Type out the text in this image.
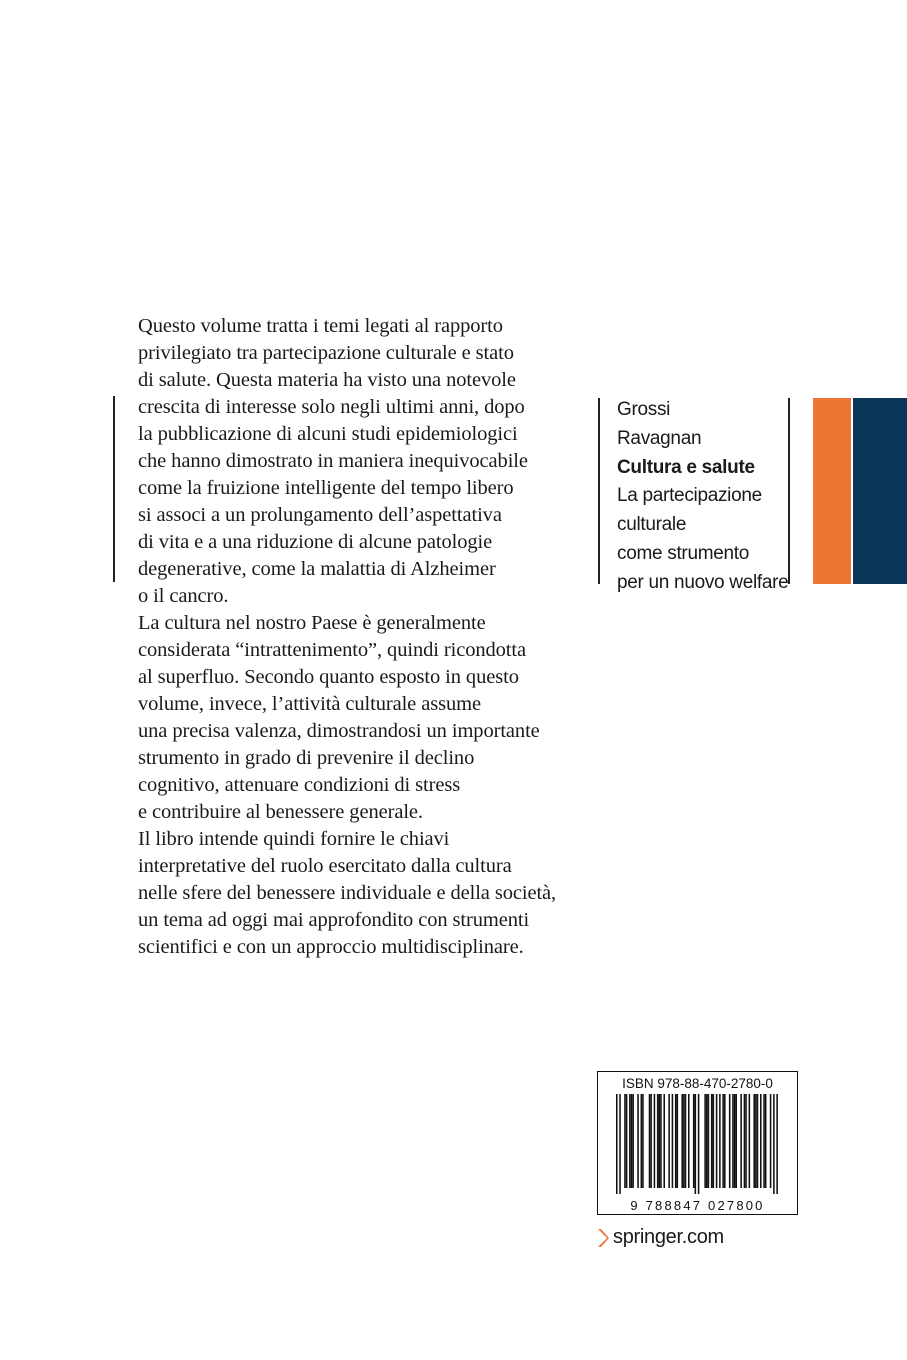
Questo volume tratta i temi legati al rapporto
privilegiato tra partecipazione culturale e stato
di salute. Questa materia ha visto una notevole
crescita di interesse solo negli ultimi anni, dopo
la pubblicazione di alcuni studi epidemiologici
che hanno dimostrato in maniera inequivocabile
come la fruizione intelligente del tempo libero
si associ a un prolungamento dell’aspettativa
di vita e a una riduzione di alcune patologie
degenerative, come la malattia di Alzheimer
o il cancro.

La cultura nel nostro Paese è generalmente
considerata “intrattenimento”, quindi ricondotta
al superfluo. Secondo quanto esposto in questo
volume, invece, l’attività culturale assume
una precisa valenza, dimostrandosi un importante
strumento in grado di prevenire il declino
cognitivo, attenuare condizioni di stress
e contribuire al benessere generale.

Il libro intende quindi fornire le chiavi
interpretative del ruolo esercitato dalla cultura
nelle sfere del benessere individuale e della società,
un tema ad oggi mai approfondito con strumenti
scientifici e con un approccio multidisciplinare.

Grossi
Ravagnan
Cultura e salute
La partecipazione
culturale
come strumento
per un nuovo welfare
ISBN 978-88-470-2780-0
9 788847 027800
springer.com
